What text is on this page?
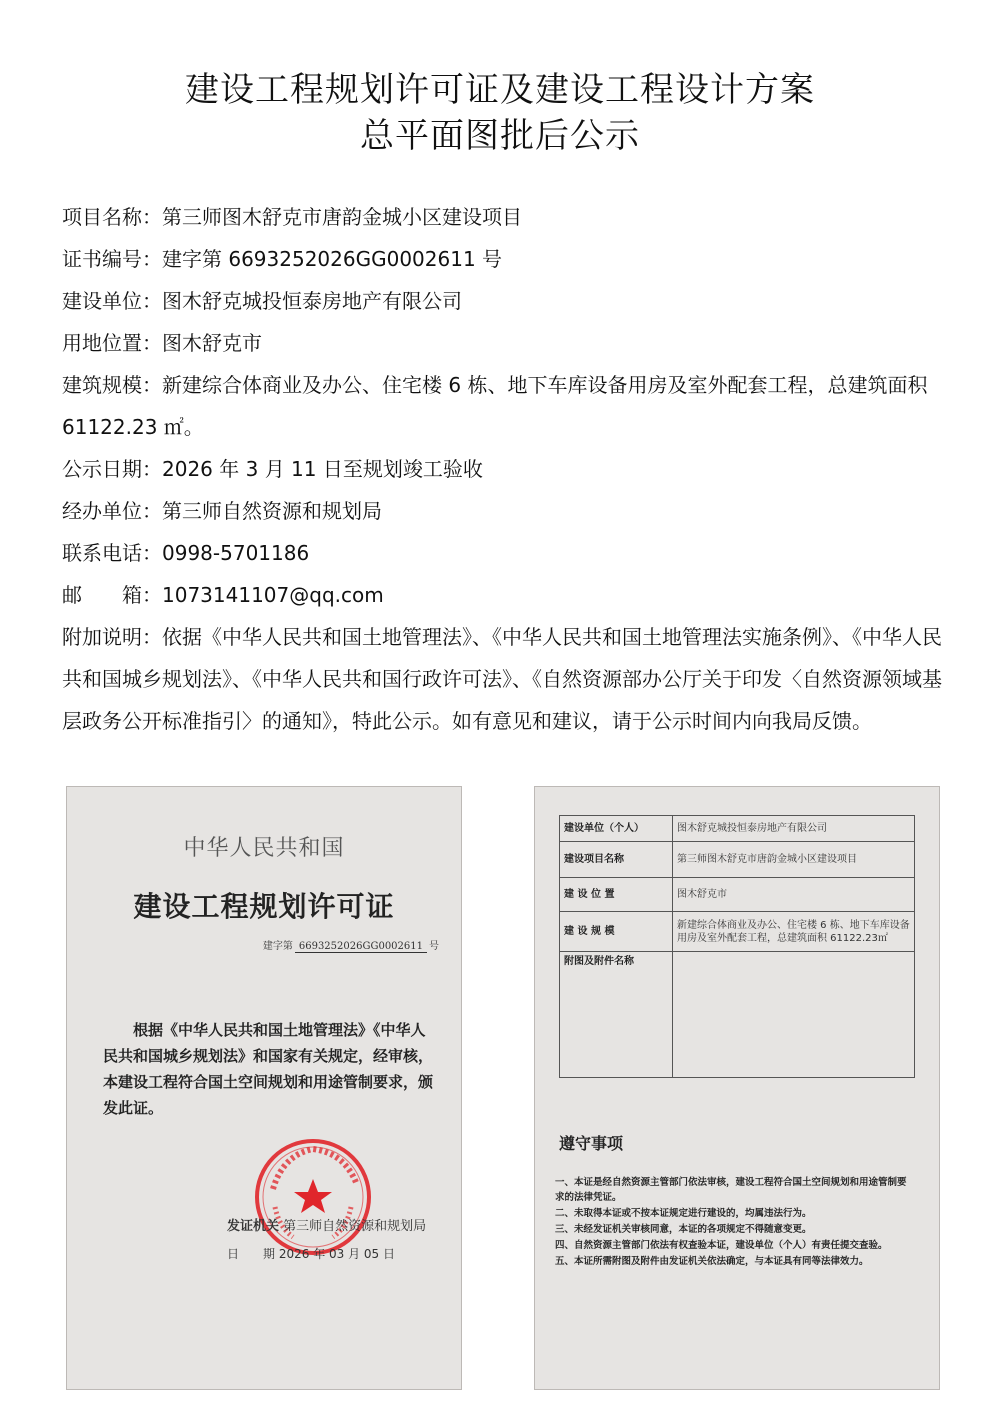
建设工程规划许可证及建设工程设计方案
总平面图批后公示
项目名称：第三师图木舒克市唐韵金城小区建设项目
证书编号：建字第 6693252026GG0002611 号
建设单位：图木舒克城投恒泰房地产有限公司
用地位置：图木舒克市
建筑规模：新建综合体商业及办公、住宅楼 6 栋、地下车库设备用房及室外配套工程，总建筑面积 61122.23 ㎡。
公示日期：2026 年 3 月 11 日至规划竣工验收
经办单位：第三师自然资源和规划局
联系电话：0998-5701186
邮　　箱：1073141107@qq.com
附加说明：依据《中华人民共和国土地管理法》、《中华人民共和国土地管理法实施条例》、《中华人民共和国城乡规划法》、《中华人民共和国行政许可法》、《自然资源部办公厅关于印发〈自然资源领域基层政务公开标准指引〉的通知》，特此公示。如有意见和建议，请于公示时间内向我局反馈。
中华人民共和国
建设工程规划许可证
建字第 6693252026GG0002611 号
根据《中华人民共和国土地管理法》《中华人民共和国城乡规划法》和国家有关规定，经审核，本建设工程符合国土空间规划和用途管制要求，颁发此证。
发证机关 第三师自然资源和规划局
日　　期 2026 年 03 月 05 日
建设单位（个人）	图木舒克城投恒泰房地产有限公司
建设项目名称	第三师图木舒克市唐韵金城小区建设项目
建 设 位 置	图木舒克市
建 设 规 模	新建综合体商业及办公、住宅楼 6 栋、地下车库设备用房及室外配套工程，总建筑面积 61122.23㎡
附图及附件名称	
遵守事项
一、本证是经自然资源主管部门依法审核，建设工程符合国土空间规划和用途管制要求的法律凭证。
二、未取得本证或不按本证规定进行建设的，均属违法行为。
三、未经发证机关审核同意，本证的各项规定不得随意变更。
四、自然资源主管部门依法有权查验本证，建设单位（个人）有责任提交查验。
五、本证所需附图及附件由发证机关依法确定，与本证具有同等法律效力。
